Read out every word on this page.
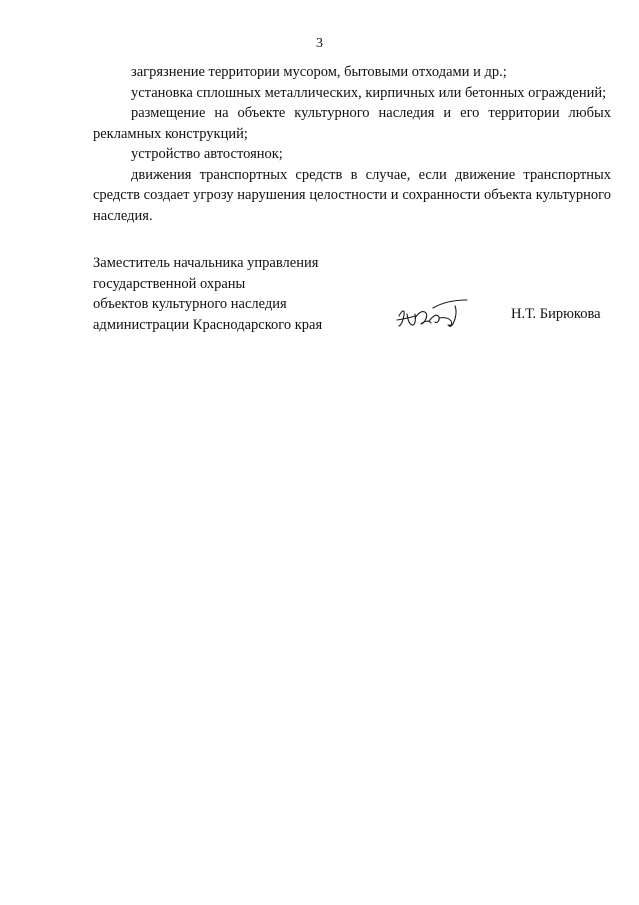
3

загрязнение территории мусором, бытовыми отходами и др.;

установка сплошных металлических, кирпичных или бетонных ограждений;

размещение на объекте культурного наследия и его территории любых рекламных конструкций;

устройство автостоянок;

движения транспортных средств в случае, если движение транспортных средств создает угрозу нарушения целостности и сохранности объекта культурного наследия.

Заместитель начальника управления
государственной охраны
объектов культурного наследия
администрации Краснодарского края
Н.Т. Бирюкова
